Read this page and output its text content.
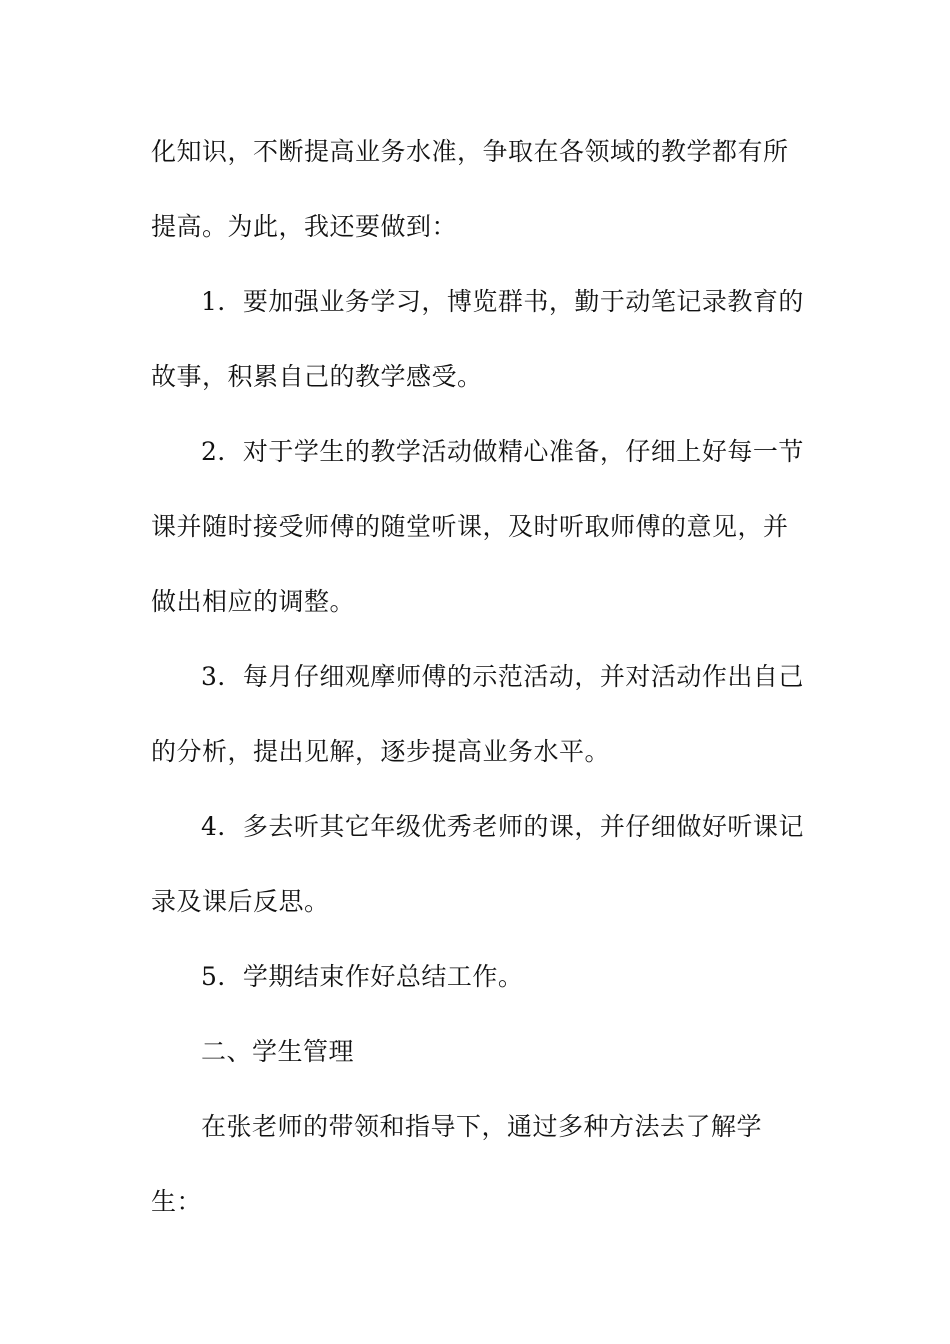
化知识，不断提高业务水准，争取在各领域的教学都有所
提高。为此，我还要做到：
1．要加强业务学习，博览群书，勤于动笔记录教育的
故事，积累自己的教学感受。
2．对于学生的教学活动做精心准备，仔细上好每一节
课并随时接受师傅的随堂听课，及时听取师傅的意见，并
做出相应的调整。
3．每月仔细观摩师傅的示范活动，并对活动作出自己
的分析，提出见解，逐步提高业务水平。
4．多去听其它年级优秀老师的课，并仔细做好听课记
录及课后反思。
5．学期结束作好总结工作。
二、学生管理
在张老师的带领和指导下，通过多种方法去了解学
生：
